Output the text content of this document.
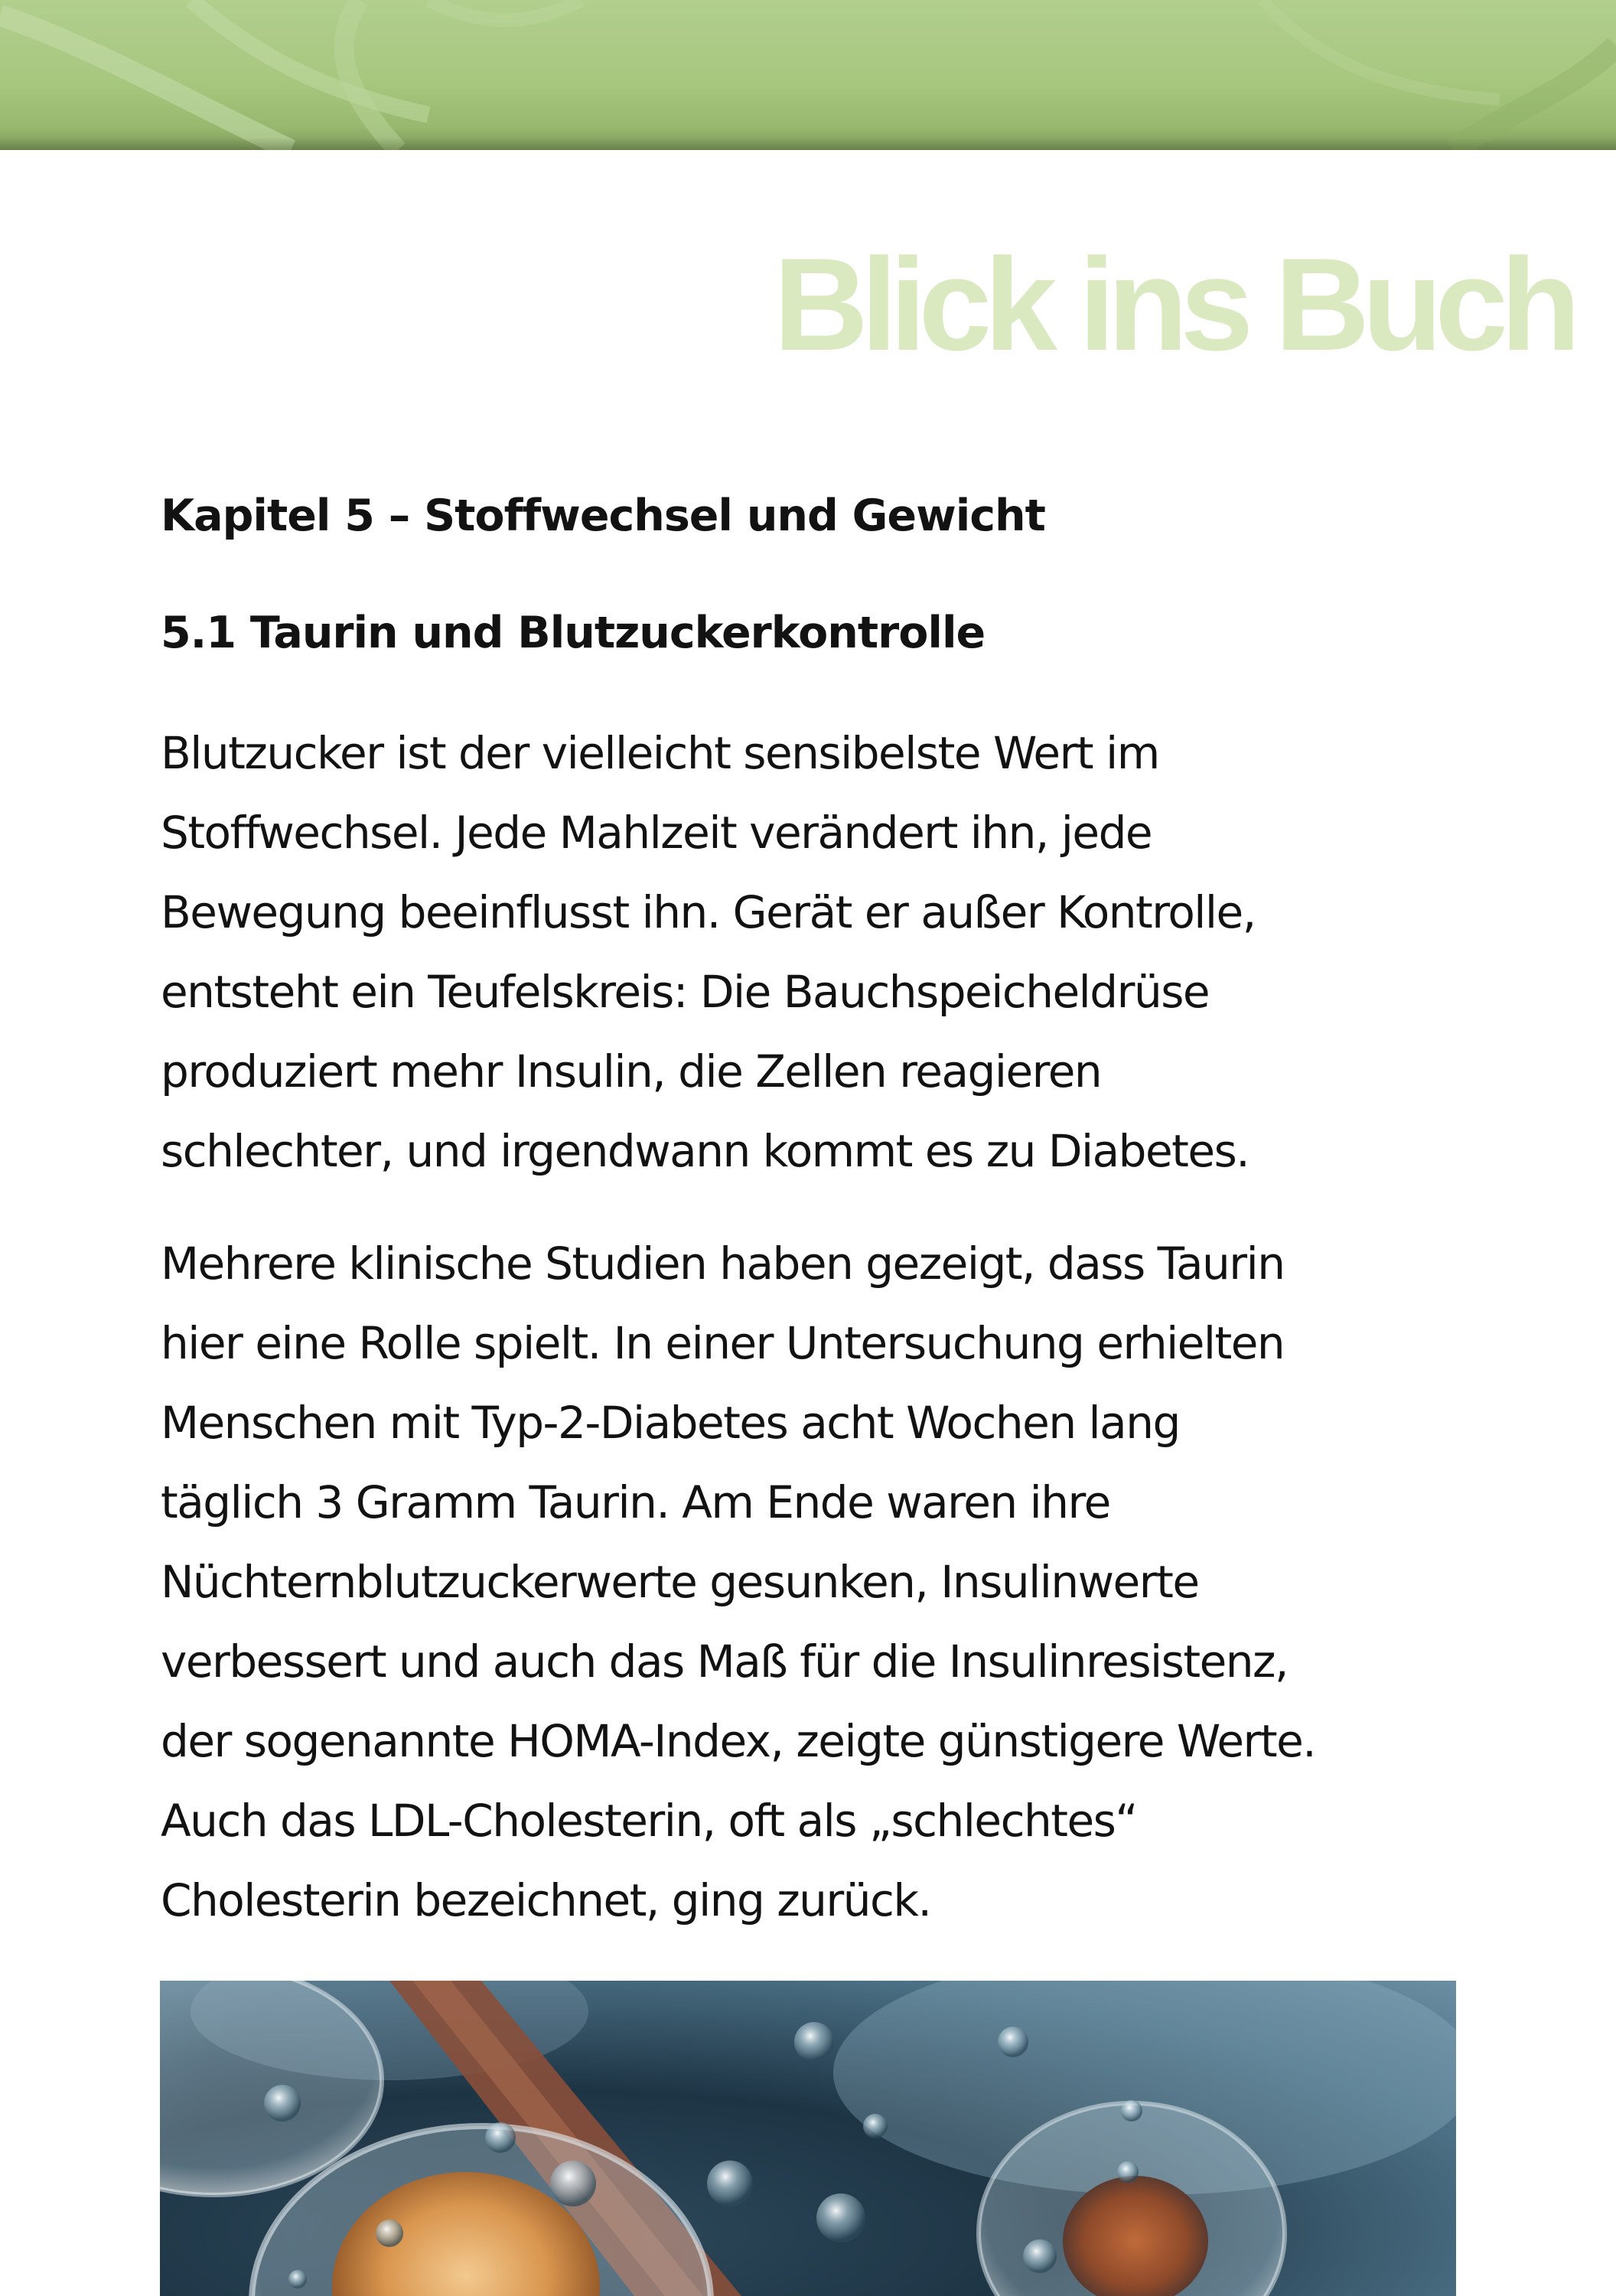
Blick ins Buch
Kapitel 5 – Stoffwechsel und Gewicht
5.1 Taurin und Blutzuckerkontrolle

Blutzucker ist der vielleicht sensibelste Wert im
Stoffwechsel. Jede Mahlzeit verändert ihn, jede
Bewegung beeinflusst ihn. Gerät er außer Kontrolle,
entsteht ein Teufelskreis: Die Bauchspeicheldrüse
produziert mehr Insulin, die Zellen reagieren
schlechter, und irgendwann kommt es zu Diabetes.

Mehrere klinische Studien haben gezeigt, dass Taurin
hier eine Rolle spielt. In einer Untersuchung erhielten
Menschen mit Typ-2-Diabetes acht Wochen lang
täglich 3 Gramm Taurin. Am Ende waren ihre
Nüchternblutzuckerwerte gesunken, Insulinwerte
verbessert und auch das Maß für die Insulinresistenz,
der sogenannte HOMA-Index, zeigte günstigere Werte.
Auch das LDL-Cholesterin, oft als „schlechtes“
Cholesterin bezeichnet, ging zurück.
